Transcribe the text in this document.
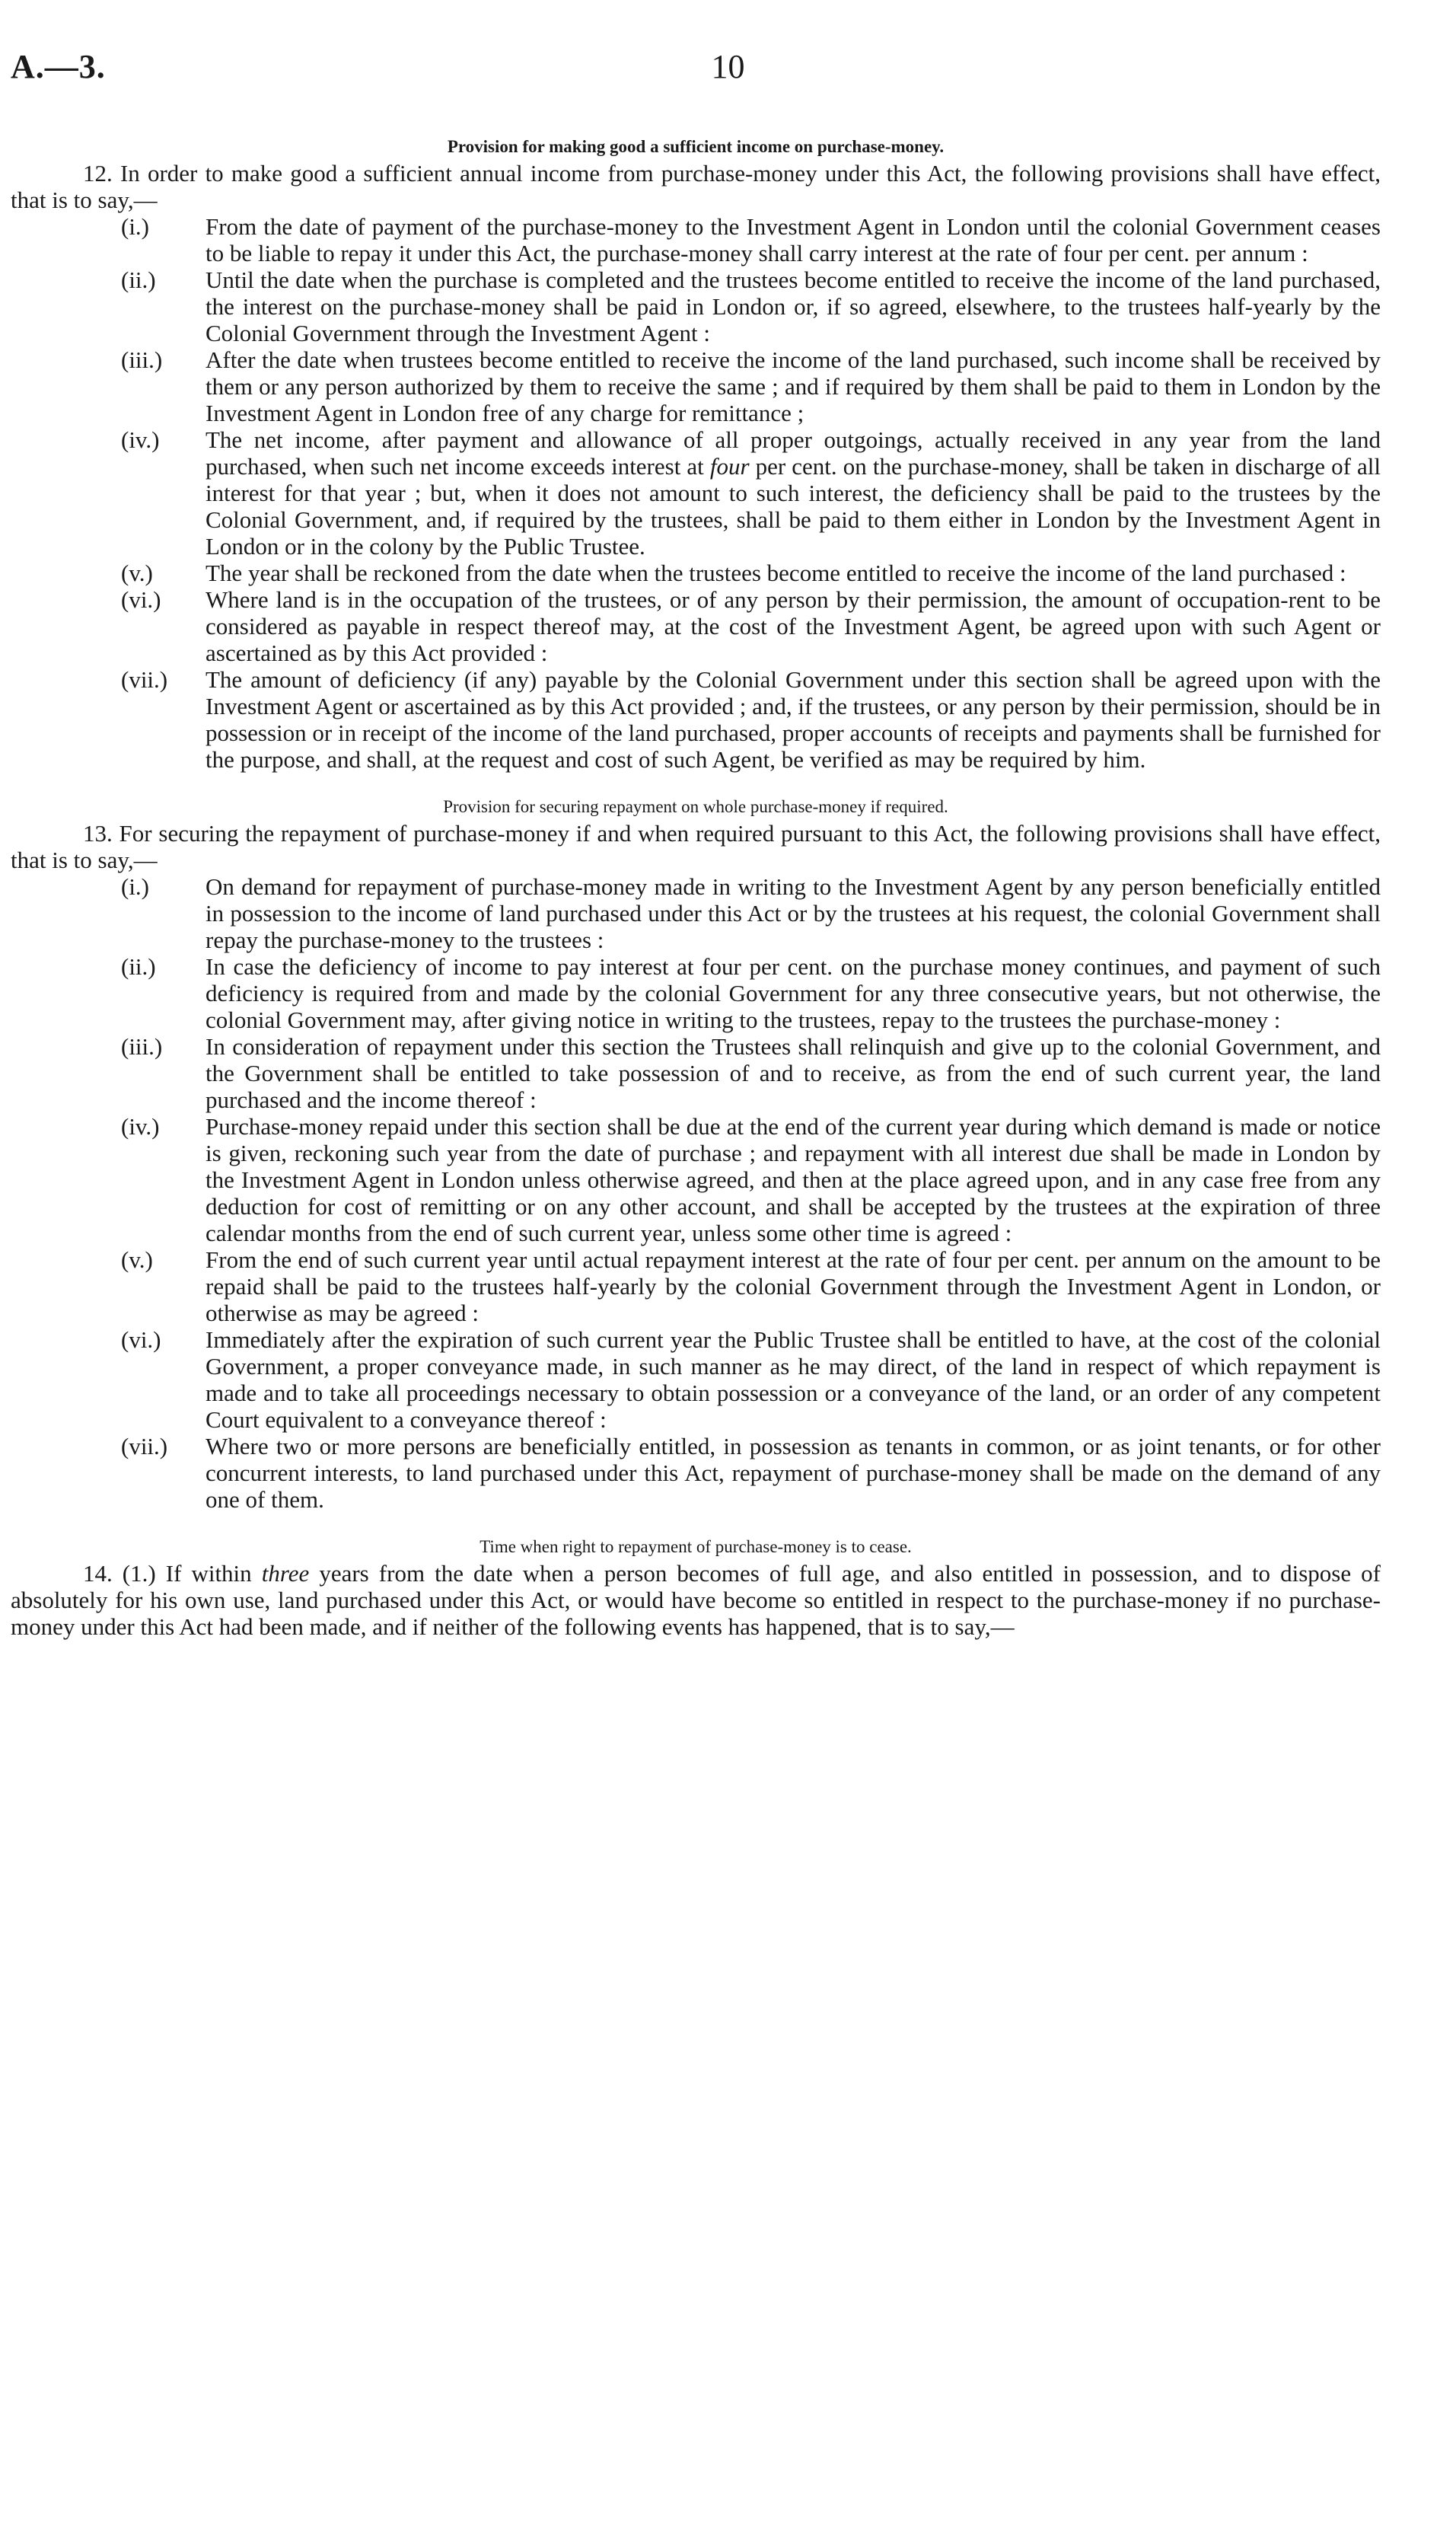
A.—3.	10
Provision for making good a sufficient income on purchase-money.

12. In order to make good a sufficient annual income from purchase-money under this Act, the following provisions shall have effect, that is to say,—

(i.) From the date of payment of the purchase-money to the Investment Agent in London until the colonial Government ceases to be liable to repay it under this Act, the purchase-money shall carry interest at the rate of four per cent. per annum :
(ii.) Until the date when the purchase is completed and the trustees become entitled to receive the income of the land purchased, the interest on the purchase-money shall be paid in London or, if so agreed, elsewhere, to the trustees half-yearly by the Colonial Government through the Investment Agent :
(iii.) After the date when trustees become entitled to receive the income of the land purchased, such income shall be received by them or any person authorized by them to receive the same ; and if required by them shall be paid to them in London by the Investment Agent in London free of any charge for remittance ;
(iv.) The net income, after payment and allowance of all proper outgoings, actually received in any year from the land purchased, when such net income exceeds interest at four per cent. on the purchase-money, shall be taken in discharge of all interest for that year ; but, when it does not amount to such interest, the deficiency shall be paid to the trustees by the Colonial Government, and, if required by the trustees, shall be paid to them either in London by the Investment Agent in London or in the colony by the Public Trustee.
(v.) The year shall be reckoned from the date when the trustees become entitled to receive the income of the land purchased :
(vi.) Where land is in the occupation of the trustees, or of any person by their permission, the amount of occupation-rent to be considered as payable in respect thereof may, at the cost of the Investment Agent, be agreed upon with such Agent or ascertained as by this Act provided :
(vii.) The amount of deficiency (if any) payable by the Colonial Government under this section shall be agreed upon with the Investment Agent or ascertained as by this Act provided ; and, if the trustees, or any person by their permission, should be in possession or in receipt of the income of the land purchased, proper accounts of receipts and payments shall be furnished for the purpose, and shall, at the request and cost of such Agent, be verified as may be required by him.
Provision for securing repayment on whole purchase-money if required.

13. For securing the repayment of purchase-money if and when required pursuant to this Act, the following provisions shall have effect, that is to say,—

(i.) On demand for repayment of purchase-money made in writing to the Investment Agent by any person beneficially entitled in possession to the income of land purchased under this Act or by the trustees at his request, the colonial Government shall repay the purchase-money to the trustees :
(ii.) In case the deficiency of income to pay interest at four per cent. on the purchase money continues, and payment of such deficiency is required from and made by the colonial Government for any three consecutive years, but not otherwise, the colonial Government may, after giving notice in writing to the trustees, repay to the trustees the purchase-money :
(iii.) In consideration of repayment under this section the Trustees shall relinquish and give up to the colonial Government, and the Government shall be entitled to take possession of and to receive, as from the end of such current year, the land purchased and the income thereof :
(iv.) Purchase-money repaid under this section shall be due at the end of the current year during which demand is made or notice is given, reckoning such year from the date of purchase ; and repayment with all interest due shall be made in London by the Investment Agent in London unless otherwise agreed, and then at the place agreed upon, and in any case free from any deduction for cost of remitting or on any other account, and shall be accepted by the trustees at the expiration of three calendar months from the end of such current year, unless some other time is agreed :
(v.) From the end of such current year until actual repayment interest at the rate of four per cent. per annum on the amount to be repaid shall be paid to the trustees half-yearly by the colonial Government through the Investment Agent in London, or otherwise as may be agreed :
(vi.) Immediately after the expiration of such current year the Public Trustee shall be entitled to have, at the cost of the colonial Government, a proper conveyance made, in such manner as he may direct, of the land in respect of which repayment is made and to take all proceedings necessary to obtain possession or a conveyance of the land, or an order of any competent Court equivalent to a conveyance thereof :
(vii.) Where two or more persons are beneficially entitled, in possession as tenants in common, or as joint tenants, or for other concurrent interests, to land purchased under this Act, repayment of purchase-money shall be made on the demand of any one of them.
Time when right to repayment of purchase-money is to cease.

14. (1.) If within three years from the date when a person becomes of full age, and also entitled in possession, and to dispose of absolutely for his own use, land purchased under this Act, or would have become so entitled in respect to the purchase-money if no purchase-money under this Act had been made, and if neither of the following events has happened, that is to say,—
